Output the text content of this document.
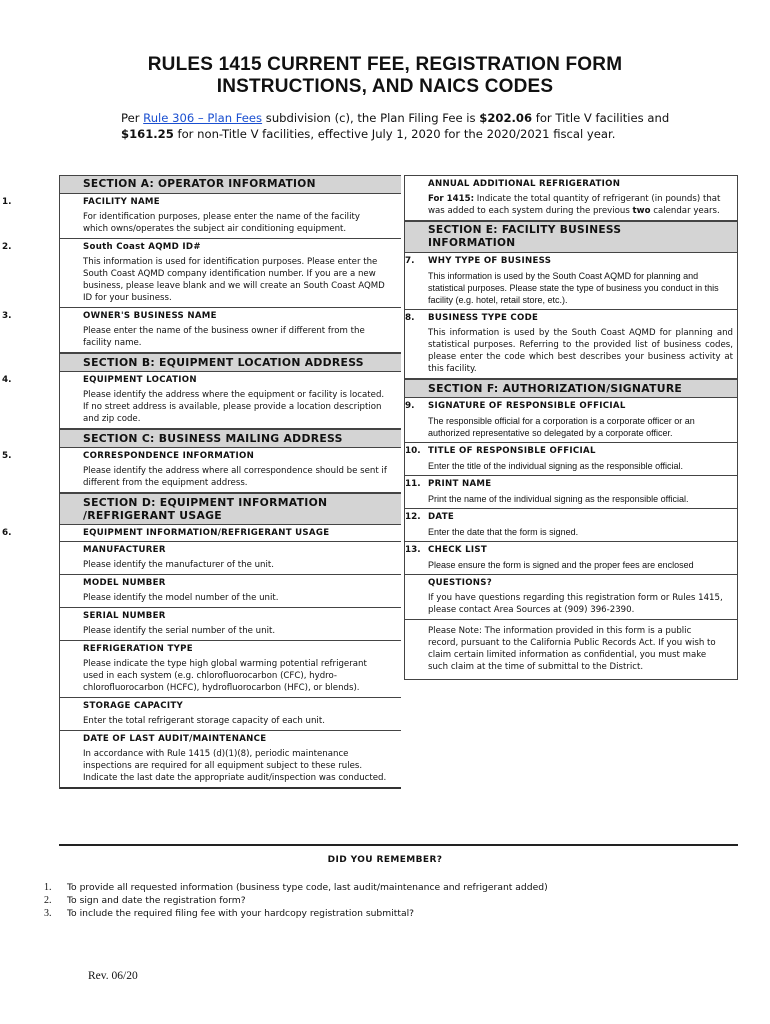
RULES 1415 CURRENT FEE, REGISTRATION FORM
INSTRUCTIONS, AND NAICS CODES

Per Rule 306 – Plan Fees subdivision (c), the Plan Filing Fee is $202.06 for Title V facilities and $161.25 for non-Title V facilities, effective July 1, 2020 for the 2020/2021 fiscal year.

SECTION A: OPERATOR INFORMATION
1.	FACILITY NAME
For identification purposes, please enter the name of the facility which owns/operates the subject air conditioning equipment.
2.	South Coast AQMD ID#
This information is used for identification purposes. Please enter the South Coast AQMD company identification number. If you are a new business, please leave blank and we will create an South Coast AQMD ID for your business.
3.	OWNER'S BUSINESS NAME
Please enter the name of the business owner if different from the facility name.
SECTION B: EQUIPMENT LOCATION ADDRESS
4.	EQUIPMENT LOCATION
Please identify the address where the equipment or facility is located. If no street address is available, please provide a location description and zip code.
SECTION C: BUSINESS MAILING ADDRESS
5.	CORRESPONDENCE INFORMATION
Please identify the address where all correspondence should be sent if different from the equipment address.
SECTION D: EQUIPMENT INFORMATION
/REFRIGERANT USAGE
6.	EQUIPMENT INFORMATION/REFRIGERANT USAGE
MANUFACTURER
Please identify the manufacturer of the unit.
MODEL NUMBER
Please identify the model number of the unit.
SERIAL NUMBER
Please identify the serial number of the unit.
REFRIGERATION TYPE
Please indicate the type high global warming potential refrigerant used in each system (e.g. chlorofluorocarbon (CFC), hydro-chlorofluorocarbon (HCFC), hydrofluorocarbon (HFC), or blends).
STORAGE CAPACITY
Enter the total refrigerant storage capacity of each unit.
DATE OF LAST AUDIT/MAINTENANCE
In accordance with Rule 1415 (d)(1)(8), periodic maintenance inspections are required for all equipment subject to these rules. Indicate the last date the appropriate audit/inspection was conducted.
ANNUAL ADDITIONAL REFRIGERATION
For 1415: Indicate the total quantity of refrigerant (in pounds) that was added to each system during the previous two calendar years.
SECTION E: FACILITY BUSINESS INFORMATION
7.	WHY TYPE OF BUSINESS
This information is used by the South Coast AQMD for planning and statistical purposes. Please state the type of business you conduct in this facility (e.g. hotel, retail store, etc.).
8.	BUSINESS TYPE CODE
This information is used by the South Coast AQMD for planning and statistical purposes. Referring to the provided list of business codes, please enter the code which best describes your business activity at this facility.
SECTION F: AUTHORIZATION/SIGNATURE
9.	SIGNATURE OF RESPONSIBLE OFFICIAL
The responsible official for a corporation is a corporate officer or an authorized representative so delegated by a corporate officer.
10. TITLE OF RESPONSIBLE OFFICIAL
Enter the title of the individual signing as the responsible official.
11. PRINT NAME
Print the name of the individual signing as the responsible official.
12. DATE
Enter the date that the form is signed.
13. CHECK LIST
Please ensure the form is signed and the proper fees are enclosed
QUESTIONS?
If you have questions regarding this registration form or Rules 1415, please contact Area Sources at (909) 396-2390.
Please Note: The information provided in this form is a public record, pursuant to the California Public Records Act. If you wish to claim certain limited information as confidential, you must make such claim at the time of submittal to the District.
DID YOU REMEMBER?
1.	To provide all requested information (business type code, last audit/maintenance and refrigerant added)
2.	To sign and date the registration form?
3.	To include the required filing fee with your hardcopy registration submittal?
Rev. 06/20
